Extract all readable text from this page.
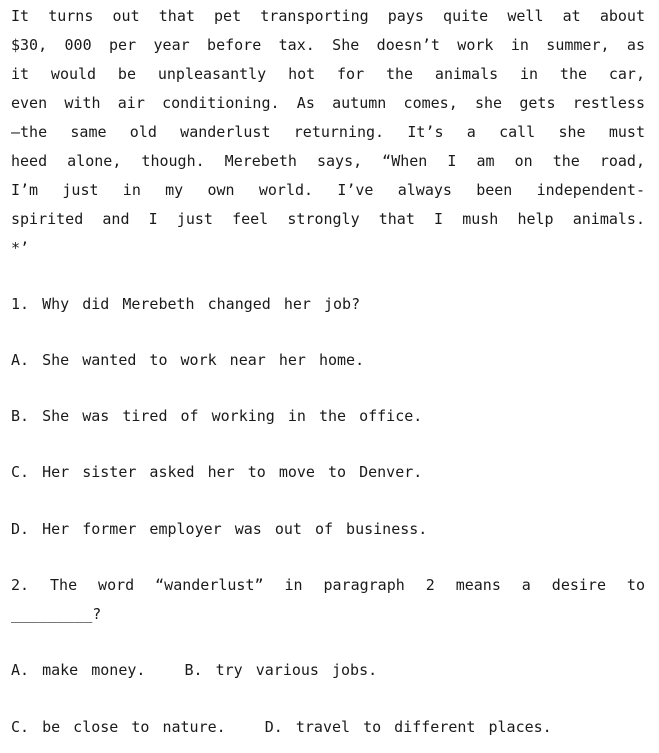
It turns out that pet transporting pays quite well at about
$30, 000 per year before tax. She doesn’t work in summer, as
it would be unpleasantly hot for the animals in the car,
even with air conditioning. As autumn comes, she gets restless
—the same old wanderlust returning. It’s a call she must
heed alone, though. Merebeth says, “When I am on the road,
I’m just in my own world. I’ve always been independent-
spirited and I just feel strongly that I mush help animals.
*’
1. Why did Merebeth changed her job?
A. She wanted to work near her home.
B. She was tired of working in the office.
C. Her sister asked her to move to Denver.
D. Her former employer was out of business.
2. The word “wanderlust” in paragraph 2 means a desire to
_________?
A. make money.   B. try various jobs.
C. be close to nature.   D. travel to different places.
